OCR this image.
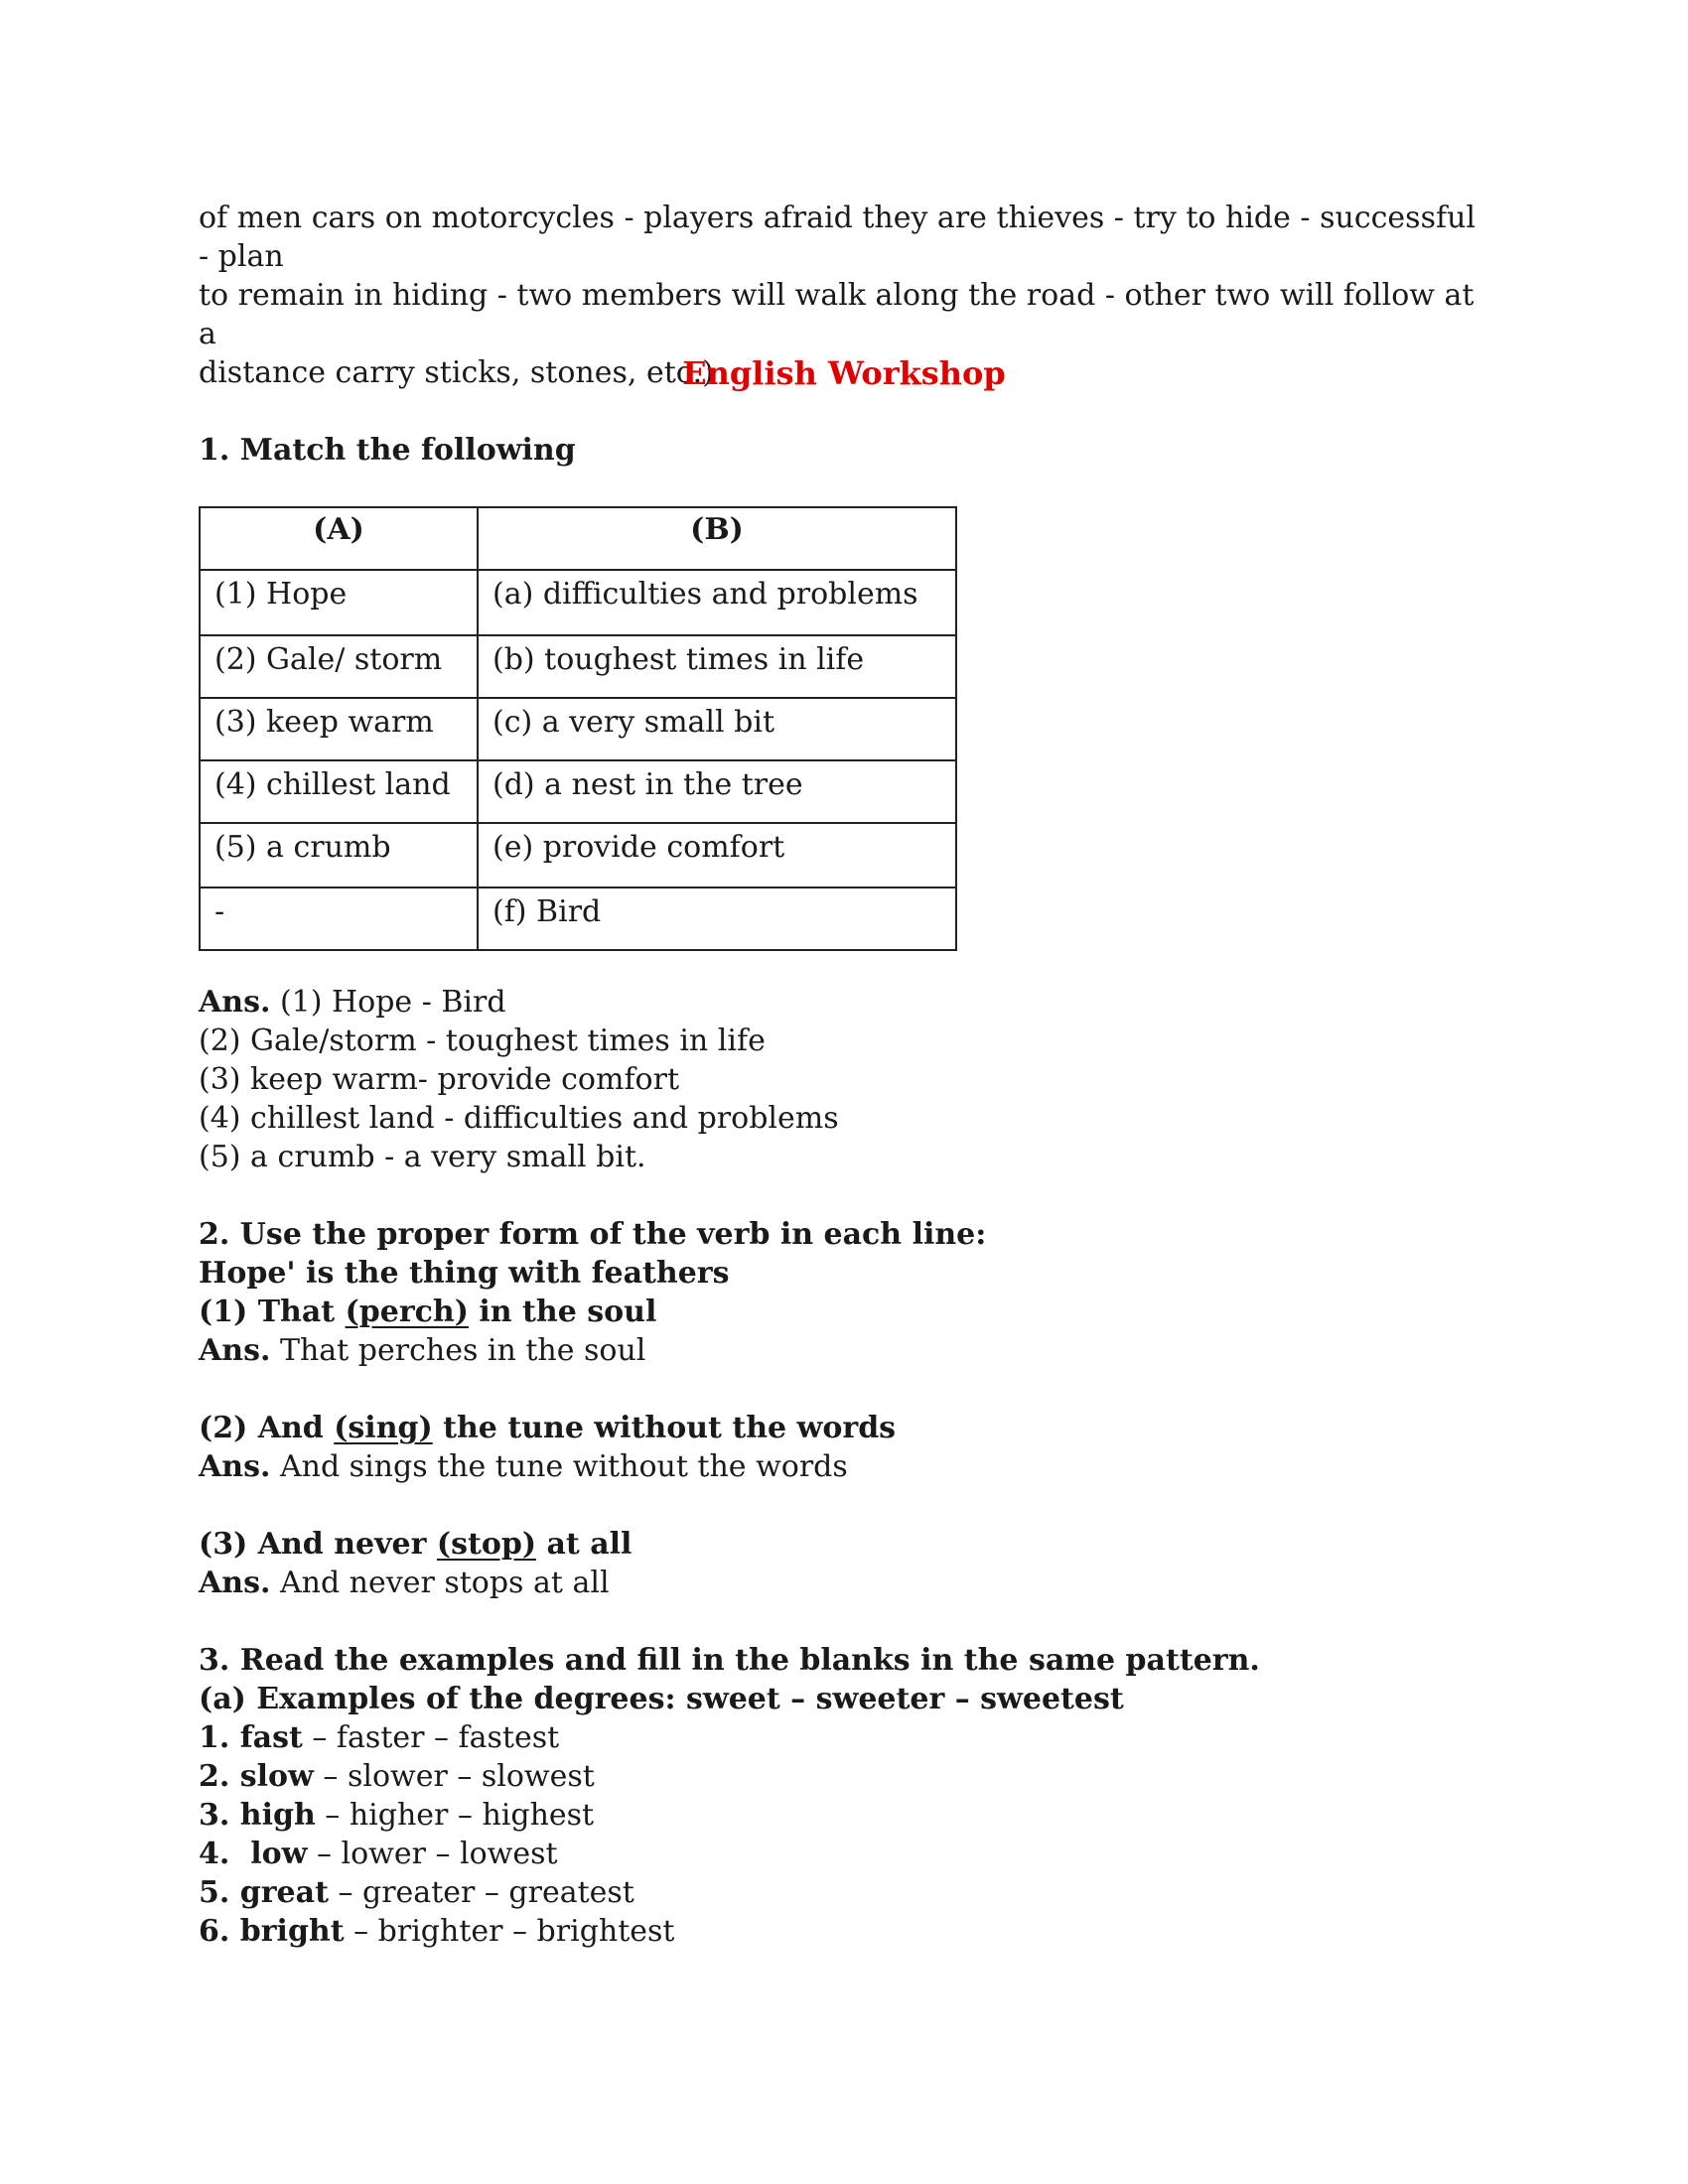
of men cars on motorcycles - players afraid they are thieves - try to hide - successful - plan
to remain in hiding - two members will walk along the road - other two will follow at a
distance carry sticks, stones, etc.)
English Workshop
1. Match the following
(A)	(B)
(1) Hope	(a) difficulties and problems
(2) Gale/ storm	(b) toughest times in life
(3) keep warm	(c) a very small bit
(4) chillest land	(d) a nest in the tree
(5) a crumb	(e) provide comfort
-	(f) Bird
Ans. (1) Hope - Bird
(2) Gale/storm - toughest times in life
(3) keep warm- provide comfort
(4) chillest land - difficulties and problems
(5) a crumb - a very small bit.
2. Use the proper form of the verb in each line:
Hope' is the thing with feathers
(1) That (perch) in the soul
Ans. That perches in the soul
(2) And (sing) the tune without the words
Ans. And sings the tune without the words
(3) And never (stop) at all
Ans. And never stops at all
3. Read the examples and fill in the blanks in the same pattern.
(a) Examples of the degrees: sweet – sweeter – sweetest
1. fast – faster – fastest
2. slow – slower – slowest
3. high – higher – highest
4.  low – lower – lowest
5. great – greater – greatest
6. bright – brighter – brightest
